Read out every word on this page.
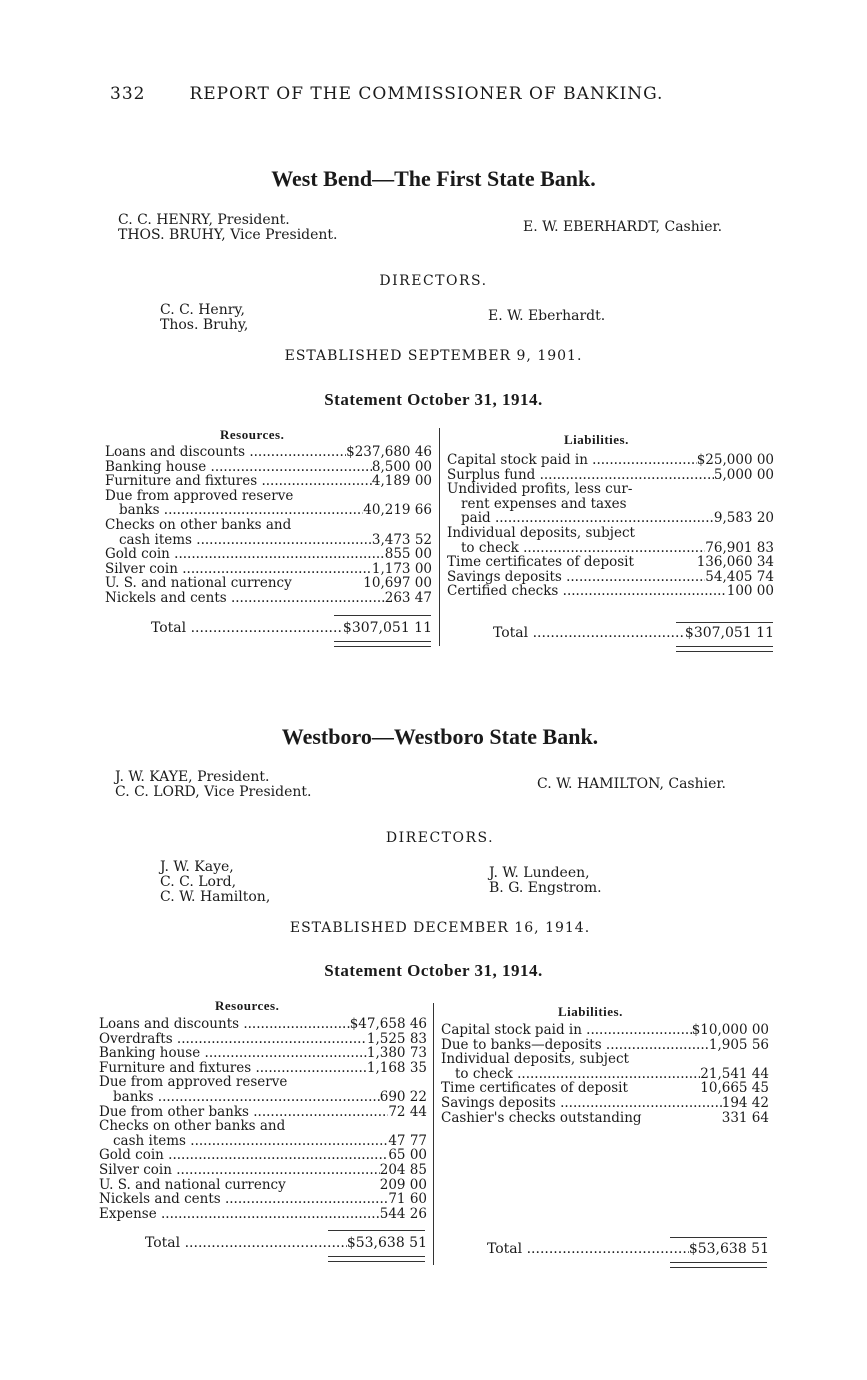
332	REPORT OF THE COMMISSIONER OF BANKING.
West Bend—The First State Bank.
C. C. HENRY, President.
THOS. BRUHY, Vice President.	E. W. EBERHARDT, Cashier.
DIRECTORS.
C. C. Henry,
Thos. Bruhy,
E. W. Eberhardt.
ESTABLISHED SEPTEMBER 9, 1901.
Statement October 31, 1914.
Resources.	Liabilities.
Loans and discounts .....	$237,680 46
Banking house .....	8,500 00
Furniture and fixtures .....	4,189 00
Due from approved reserve
banks .....	40,219 66
Checks on other banks and
cash items .....	3,473 52
Gold coin .....	855 00
Silver coin .....	1,173 00
U. S. and national currency	10,697 00
Nickels and cents .....	263 47
Capital stock paid in .....	$25,000 00
Surplus fund .....	5,000 00
Undivided profits, less cur-
rent expenses and taxes
paid .....	9,583 20
Individual deposits, subject
to check .....	76,901 83
Time certificates of deposit	136,060 34
Savings deposits .....	54,405 74
Certified checks .....	100 00
Total .....	$307,051 11	Total .....	$307,051 11
Westboro—Westboro State Bank.
J. W. KAYE, President.
C. C. LORD, Vice President.	C. W. HAMILTON, Cashier.
DIRECTORS.
J. W. Kaye,
C. C. Lord,
C. W. Hamilton,
J. W. Lundeen,
B. G. Engstrom.
ESTABLISHED DECEMBER 16, 1914.
Statement October 31, 1914.
Resources.	Liabilities.
Loans and discounts .....	$47,658 46
Overdrafts .....	1,525 83
Banking house .....	1,380 73
Furniture and fixtures .....	1,168 35
Due from approved reserve
banks .....	690 22
Due from other banks .....	72 44
Checks on other banks and
cash items .....	47 77
Gold coin .....	65 00
Silver coin .....	204 85
U. S. and national currency	209 00
Nickels and cents .....	71 60
Expense .....	544 26
Capital stock paid in .....	$10,000 00
Due to banks—deposits .....	1,905 56
Individual deposits, subject
to check .....	21,541 44
Time certificates of deposit	10,665 45
Savings deposits .....	194 42
Cashier's checks outstanding	331 64
Total .....	$53,638 51	Total .....	$53,638 51
